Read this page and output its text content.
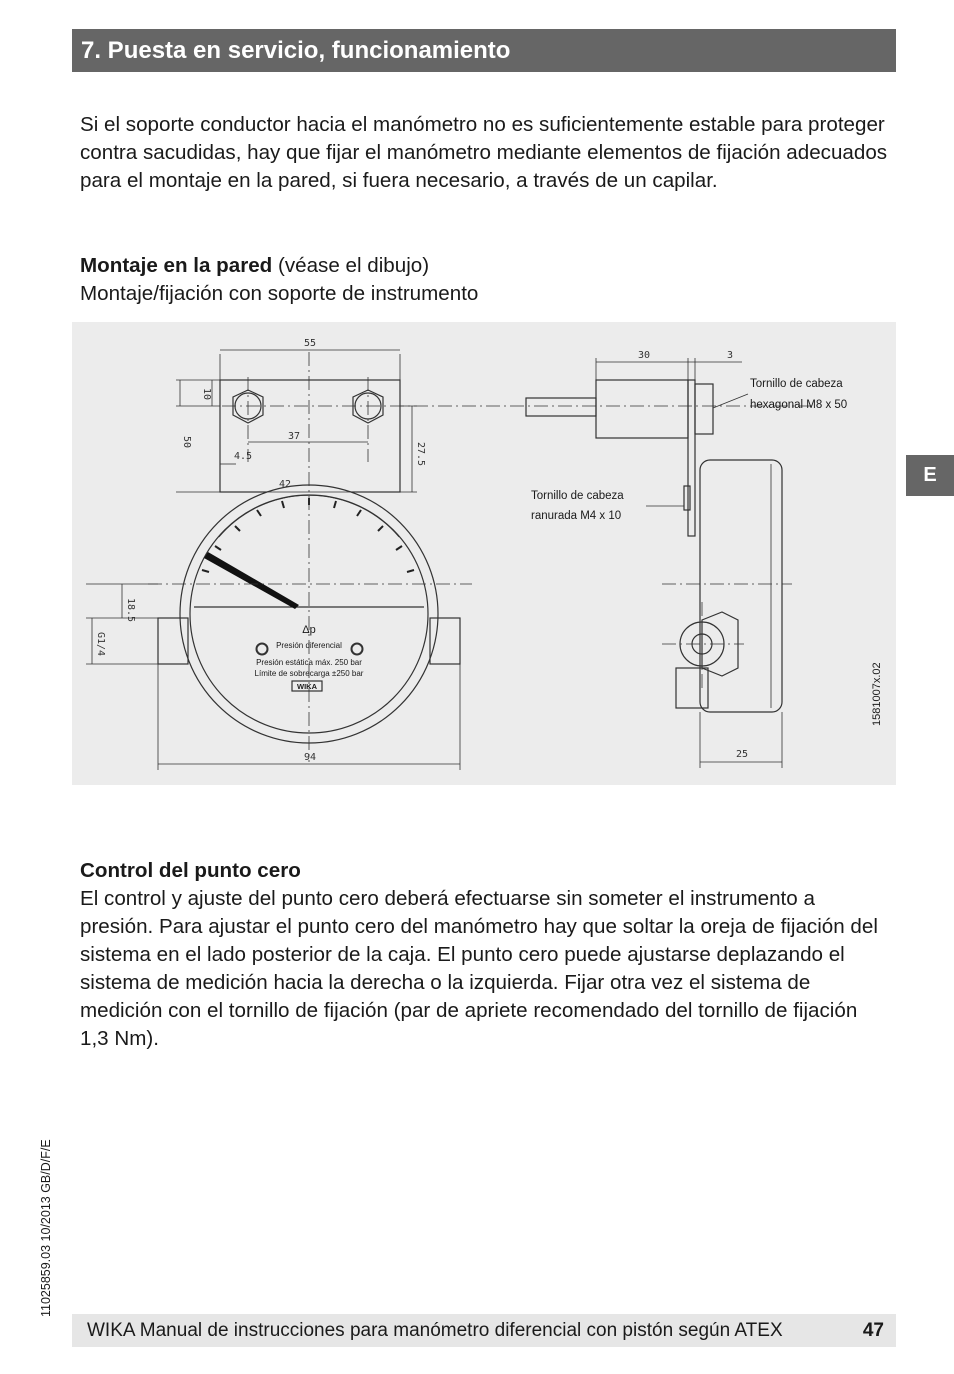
7. Puesta en servicio, funcionamiento

Si el soporte conductor hacia el manómetro no es suficientemente estable para proteger contra sacudidas, hay que fijar el manómetro mediante elementos de fijación adecuados para el montaje en la pared, si fuera necesario, a través de un capilar.

Montaje en la pared (véase el dibujo)

Montaje/fijación con soporte de instrumento

E
55
30	3
10
50	37
4.5	27.5
42
18.5
G1/4
94	25
Tornillo de cabeza
hexagonal M8 x 50
Tornillo de cabeza
ranurada M4 x 10
Δp
Presión diferencial
Presión estática máx. 250 bar
Límite de sobrecarga ±250 bar
WIKA	1581007x.02

Control del punto cero
El control y ajuste del punto cero deberá efectuarse sin someter el instrumento a presión. Para ajustar el punto cero del manómetro hay que soltar la oreja de fijación del sistema en el lado posterior de la caja. El punto cero puede ajustarse deplazando el sistema de medición hacia la derecha o la izquierda. Fijar otra vez el sistema de medición con el tornillo de fijación (par de apriete recomendado del tornillo de fijación 1,3 Nm).

11025859.03 10/2013 GB/D/F/E
WIKA Manual de instrucciones para manómetro diferencial con pistón según ATEX	47
